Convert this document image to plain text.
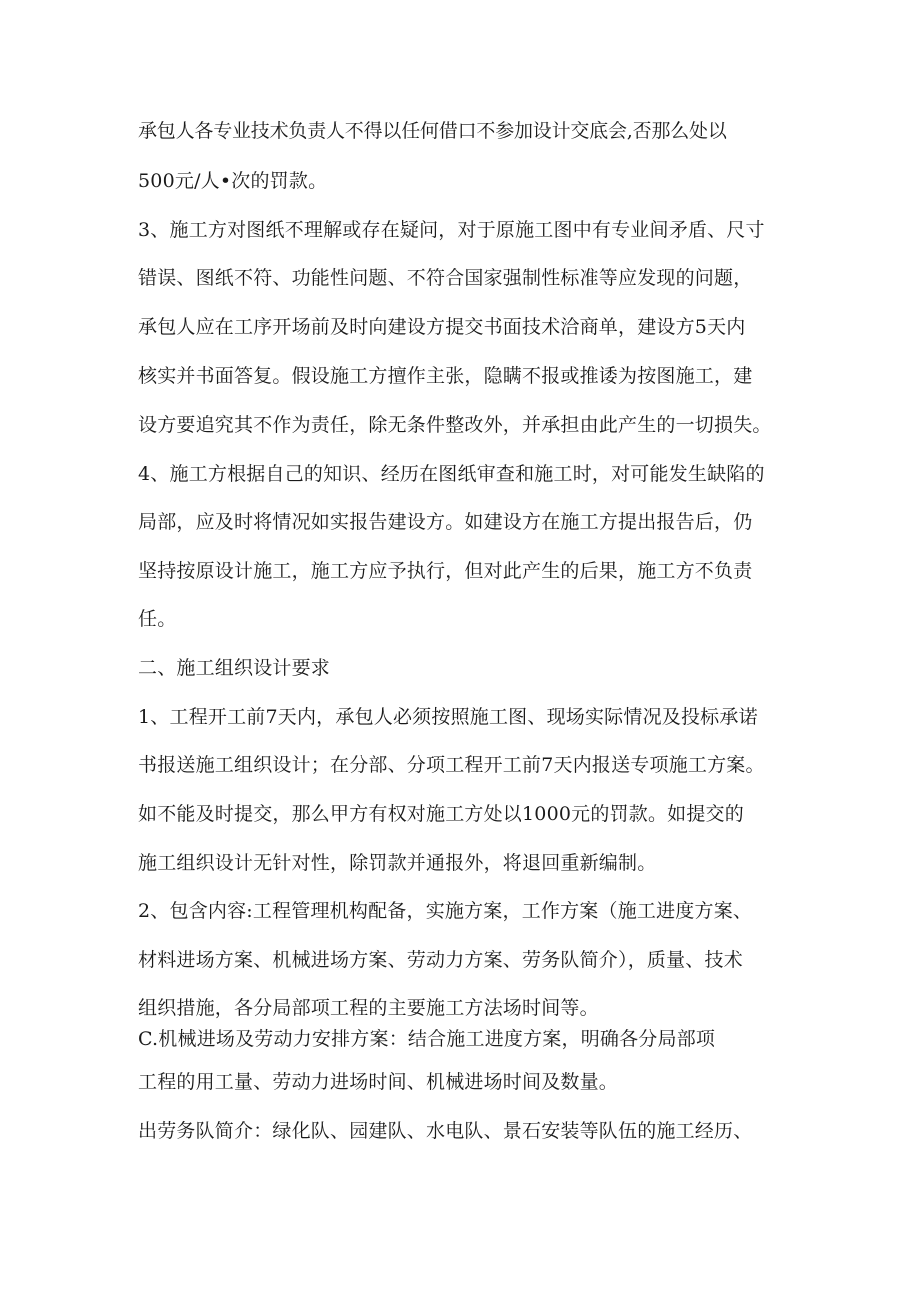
承包人各专业技术负责人不得以任何借口不参加设计交底会,否那么处以

500元/人•次的罚款。

3、施工方对图纸不理解或存在疑问，对于原施工图中有专业间矛盾、尺寸

错误、图纸不符、功能性问题、不符合国家强制性标准等应发现的问题，

承包人应在工序开场前及时向建设方提交书面技术洽商单，建设方5天内

核实并书面答复。假设施工方擅作主张，隐瞒不报或推诿为按图施工，建

设方要追究其不作为责任，除无条件整改外，并承担由此产生的一切损失。

4、施工方根据自己的知识、经历在图纸审查和施工时，对可能发生缺陷的

局部，应及时将情况如实报告建设方。如建设方在施工方提出报告后，仍

坚持按原设计施工，施工方应予执行，但对此产生的后果，施工方不负责

任。

二、施工组织设计要求

1、工程开工前7天内，承包人必须按照施工图、现场实际情况及投标承诺

书报送施工组织设计；在分部、分项工程开工前7天内报送专项施工方案。

如不能及时提交，那么甲方有权对施工方处以1000元的罚款。如提交的

施工组织设计无针对性，除罚款并通报外，将退回重新编制。

2、包含内容:工程管理机构配备，实施方案，工作方案（施工进度方案、

材料进场方案、机械进场方案、劳动力方案、劳务队简介），质量、技术

组织措施，各分局部项工程的主要施工方法场时间等。

C.机械进场及劳动力安排方案：结合施工进度方案，明确各分局部项

工程的用工量、劳动力进场时间、机械进场时间及数量。

出劳务队简介：绿化队、园建队、水电队、景石安装等队伍的施工经历、
